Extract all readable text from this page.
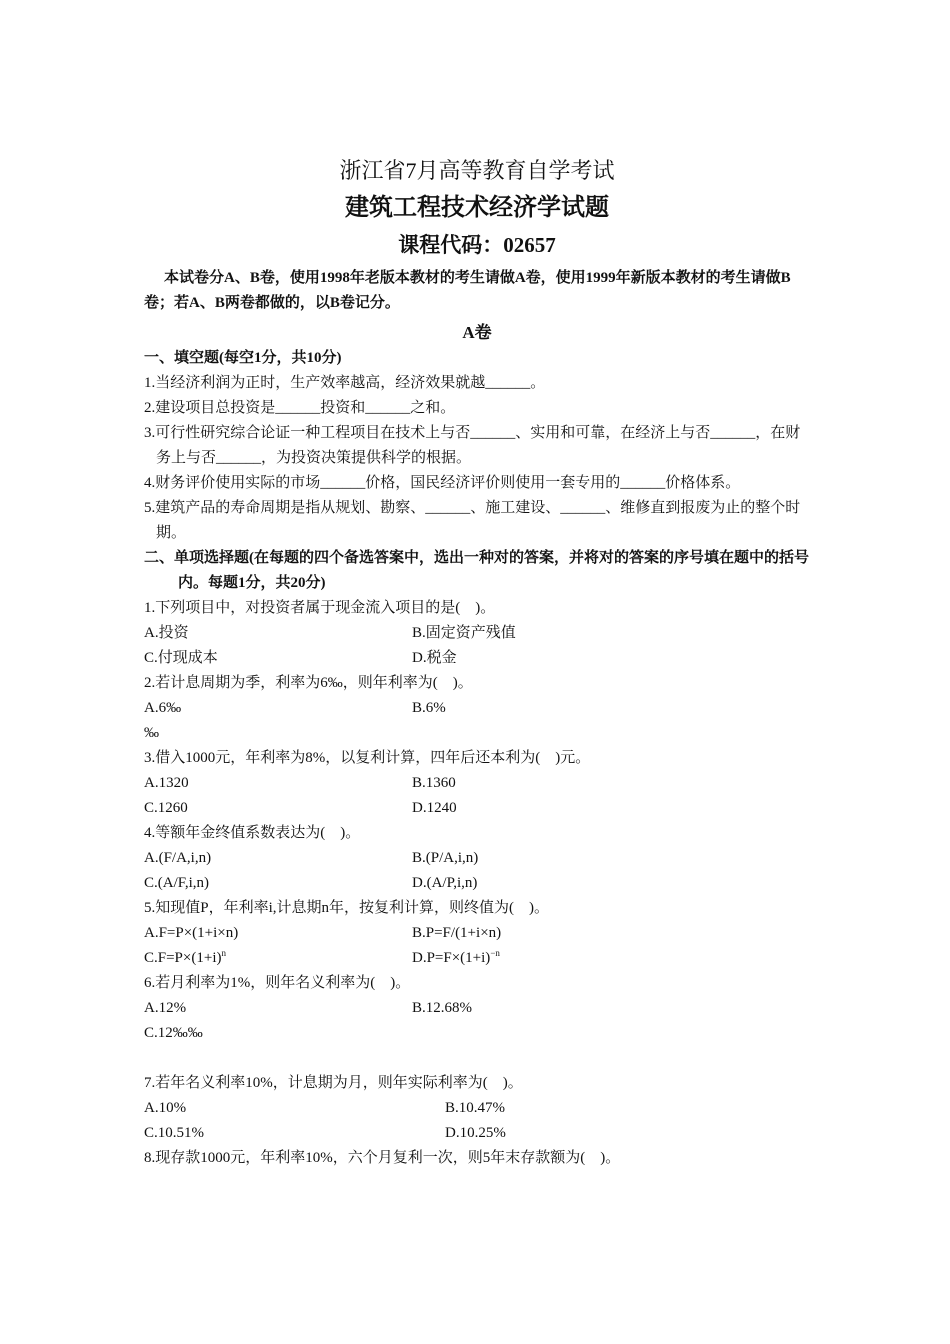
浙江省7月高等教育自学考试

建筑工程技术经济学试题

课程代码：02657

本试卷分A、B卷，使用1998年老版本教材的考生请做A卷，使用1999年新版本教材的考生请做B卷；若A、B两卷都做的，以B卷记分。

A卷

一、填空题(每空1分，共10分)

1.当经济利润为正时，生产效率越高，经济效果就越______。

2.建设项目总投资是______投资和______之和。

3.可行性研究综合论证一种工程项目在技术上与否______、实用和可靠，在经济上与否______，在财务上与否______，为投资决策提供科学的根据。

4.财务评价使用实际的市场______价格，国民经济评价则使用一套专用的______价格体系。

5.建筑产品的寿命周期是指从规划、勘察、______、施工建设、______、维修直到报废为止的整个时期。

二、单项选择题(在每题的四个备选答案中，选出一种对的答案，并将对的答案的序号填在题中的括号内。每题1分，共20分)

1.下列项目中，对投资者属于现金流入项目的是(　)。

A.投资	B.固定资产残值
C.付现成本	D.税金

2.若计息周期为季，利率为6‰，则年利率为(　)。

A.6‰	B.6%

‰

3.借入1000元，年利率为8%，以复利计算，四年后还本利为(　)元。

A.1320	B.1360
C.1260	D.1240

4.等额年金终值系数表达为(　)。

A.(F/A,i,n)	B.(P/A,i,n)
C.(A/F,i,n)	D.(A/P,i,n)

5.知现值P，年利率i,计息期n年，按复利计算，则终值为(　)。

A.F=P×(1+i×n)	B.P=F/(1+i×n)
$C.F=P\times(1+i)^n$	$D.P=F\times(1+i)^{-n}$

6.若月利率为1%，则年名义利率为(　)。

A.12%	B.12.68%

C.12‰‰

7.若年名义利率10%，计息期为月，则年实际利率为(　)。

A.10%	B.10.47%
C.10.51%	D.10.25%

8.现存款1000元，年利率10%，六个月复利一次，则5年末存款额为(　)。
